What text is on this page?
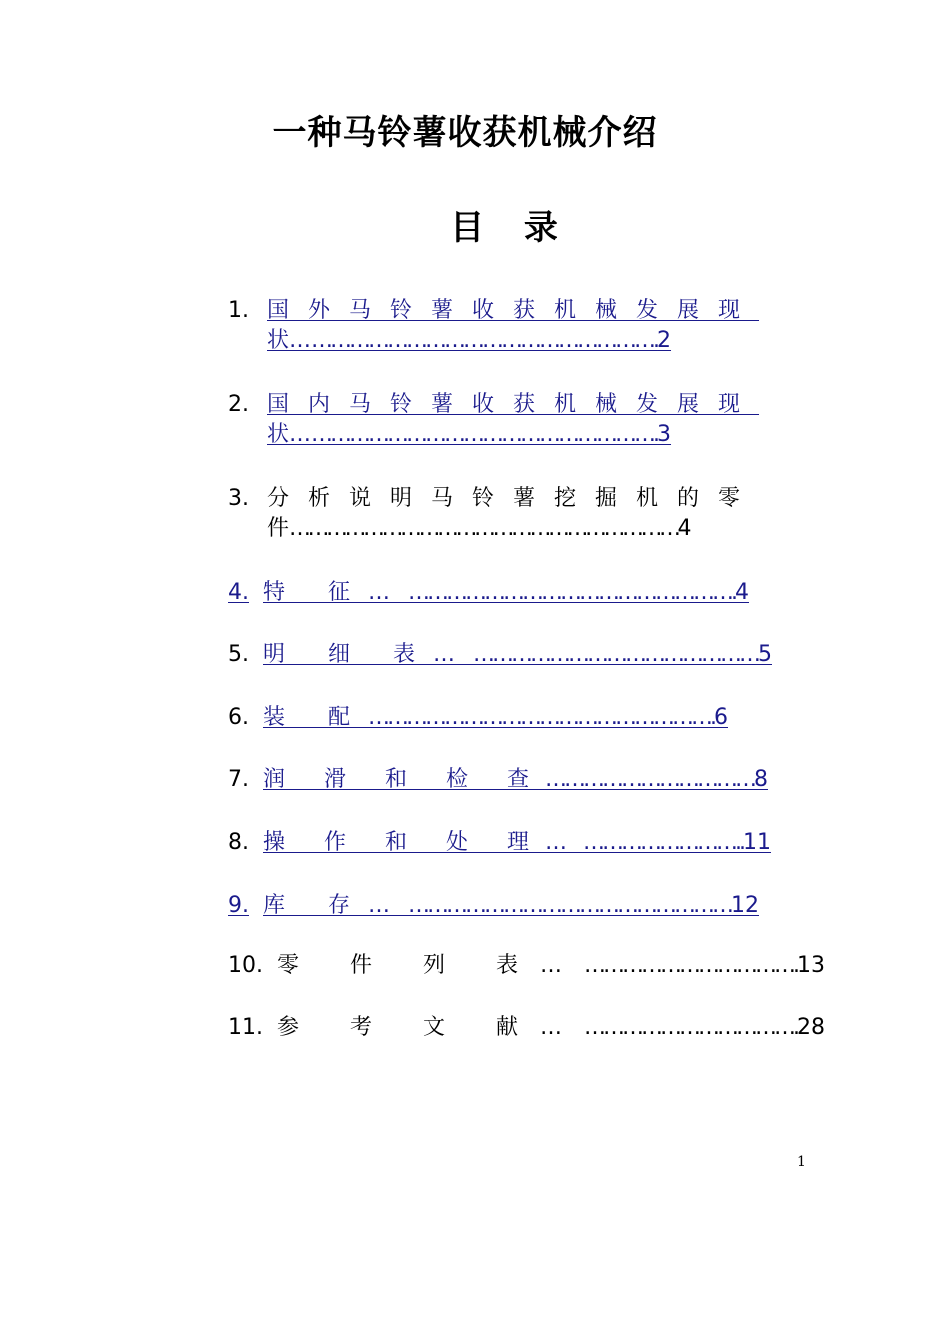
一种马铃薯收获机械介绍
目 录
1. 国外马铃薯收获机械发展现
状………………………………………………….2
2. 国内马铃薯收获机械发展现
状………………………………………………….3
3. 分析说明马铃薯挖掘机的零
件………………………………………………………4
4. 特 征……………………………………………….4
5. 明 细 表…………………………………………5
6. 装 配……………………………………………….6
7. 润 滑 和 检 查……………………………8
8. 操 作 和 处 理………………………..11
9. 库 存………………………………………………12
10. 零 件 列 表……………………………….13
11. 参 考 文 献……………………………….28
1
